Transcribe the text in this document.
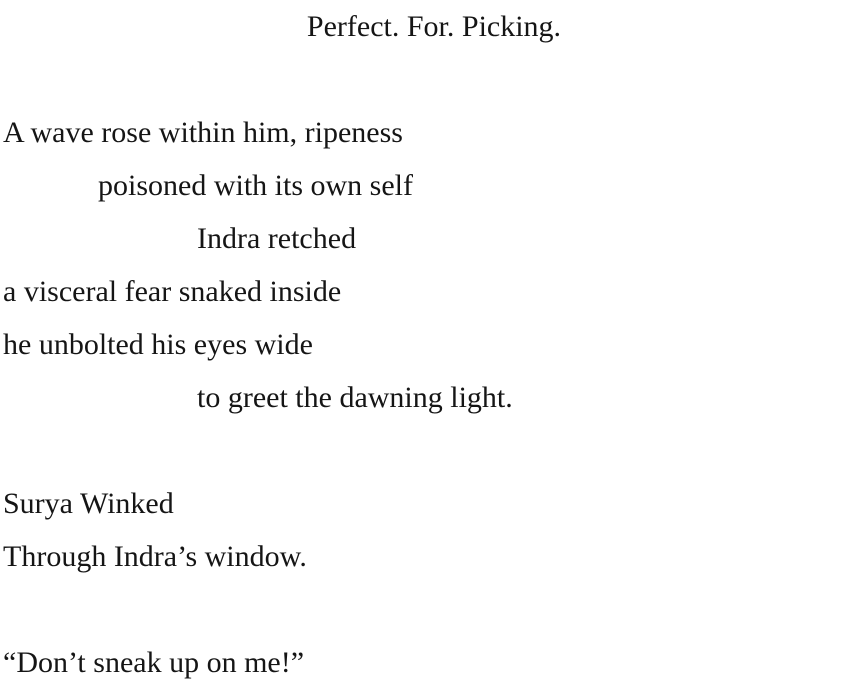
Perfect. For. Picking.
A wave rose within him, ripeness
poisoned with its own self
Indra retched
a visceral fear snaked inside
he unbolted his eyes wide
to greet the dawning light.
Surya Winked
Through Indra’s window.
“Don’t sneak up on me!”
